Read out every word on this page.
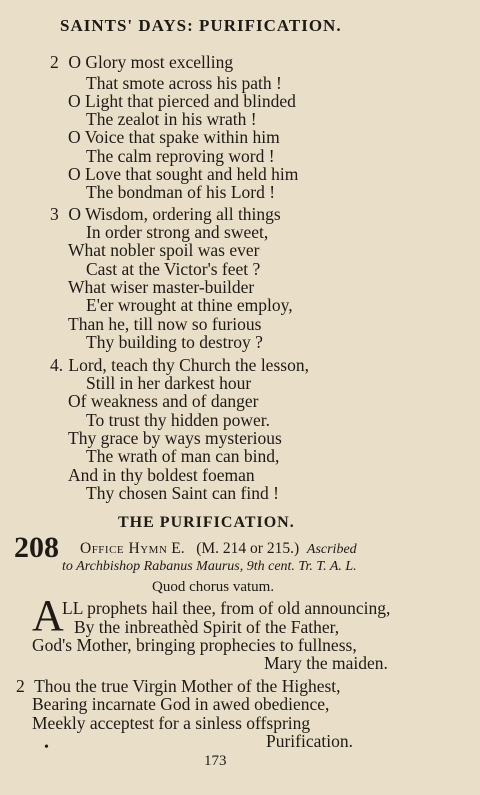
SAINTS' DAYS: PURIFICATION.
2 O Glory most excelling
That smote across his path !
O Light that pierced and blinded
The zealot in his wrath !
O Voice that spake within him
The calm reproving word !
O Love that sought and held him
The bondman of his Lord !
3 O Wisdom, ordering all things
In order strong and sweet,
What nobler spoil was ever
Cast at the Victor's feet ?
What wiser master-builder
E'er wrought at thine employ,
Than he, till now so furious
Thy building to destroy ?
4. Lord, teach thy Church the lesson,
Still in her darkest hour
Of weakness and of danger
To trust thy hidden power.
Thy grace by ways mysterious
The wrath of man can bind,
And in thy boldest foeman
Thy chosen Saint can find !
THE PURIFICATION.
208 Office Hymn E. (M. 214 or 215.) Ascribed
to Archbishop Rabanus Maurus, 9th cent. Tr. T. A. L.
Quod chorus vatum.
A
LL prophets hail thee, from of old announcing,
By the inbreathèd Spirit of the Father,
God's Mother, bringing prophecies to fullness,
Mary the maiden.
2 Thou the true Virgin Mother of the Highest,
Bearing incarnate God in awed obedience,
Meekly acceptest for a sinless offspring
Purification.
•
173
